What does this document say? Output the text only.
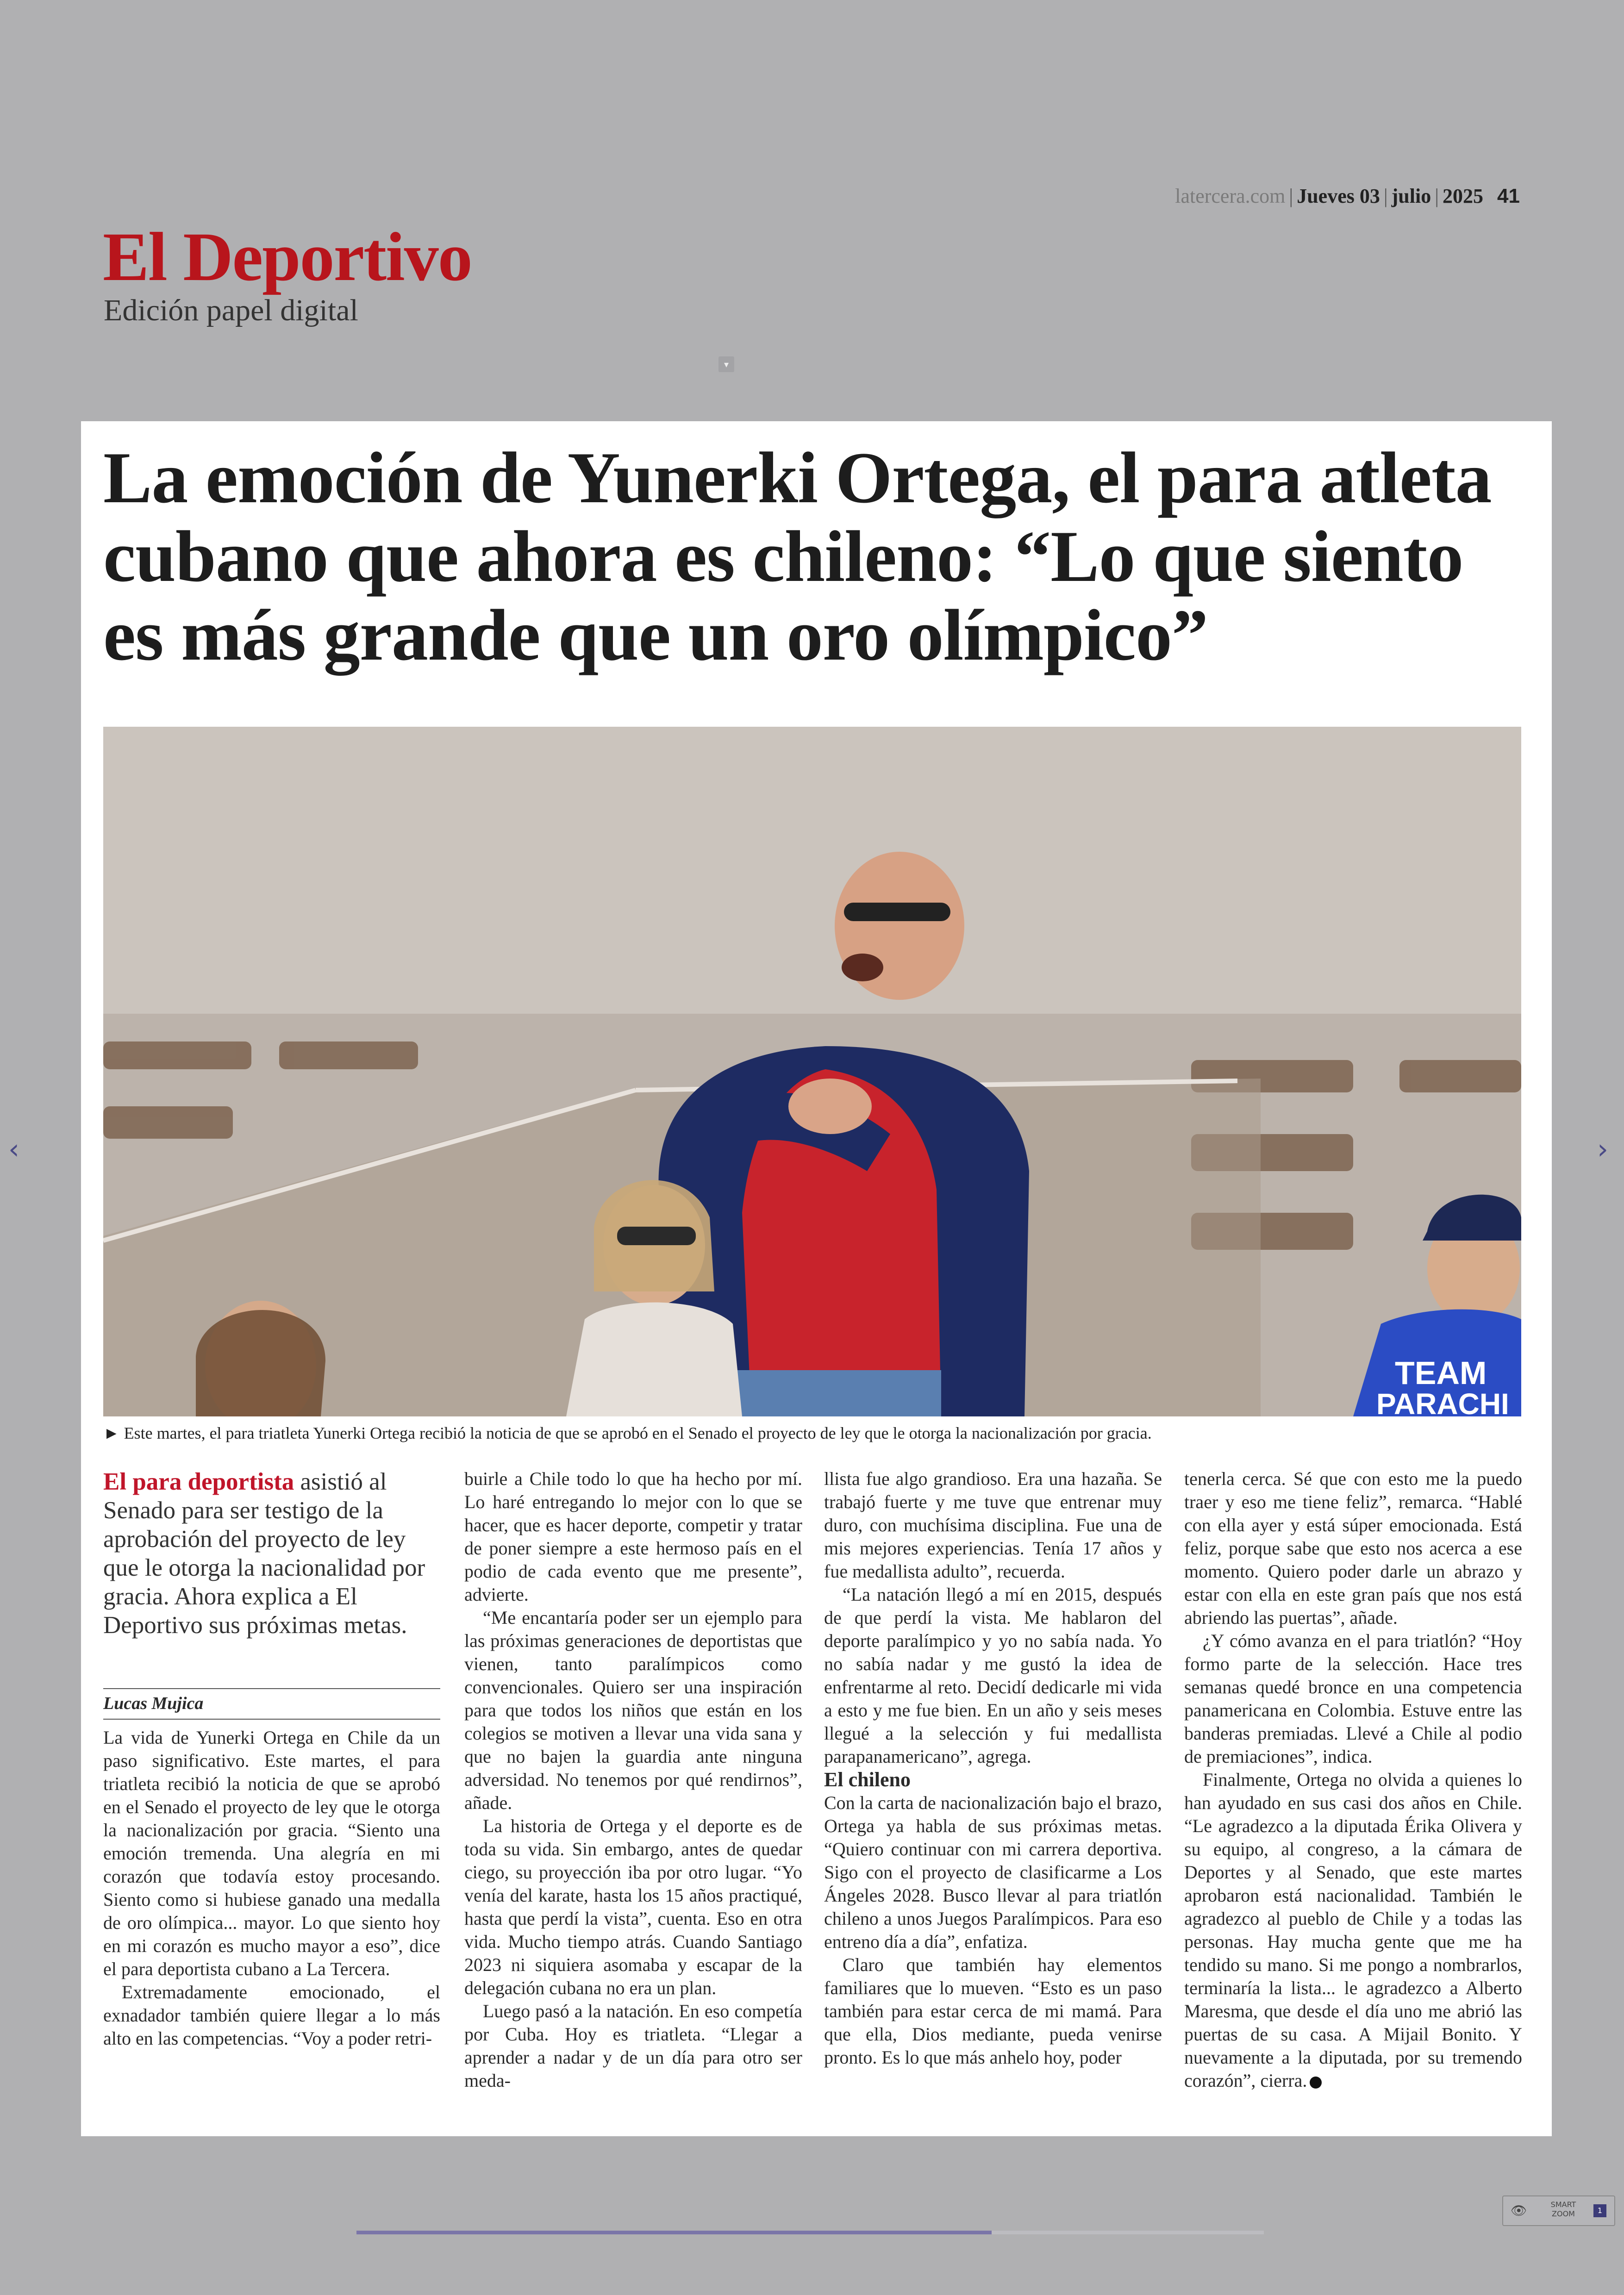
latercera.com | Jueves 03 | julio | 2025 41
El Deportivo
Edición papel digital
▾
‹	›
La emoción de Yunerki Ortega, el para atleta cubano que ahora es chileno: “Lo que siento es más grande que un oro olímpico”
TEAM
PARACHI
► Este martes, el para triatleta Yunerki Ortega recibió la noticia de que se aprobó en el Senado el proyecto de ley que le otorga la nacionalización por gracia.

El para deportista asistió al Senado para ser testigo de la aprobación del proyecto de ley que le otorga la nacionalidad por gracia. Ahora explica a El Deportivo sus próximas metas.

Lucas Mujica

La vida de Yunerki Ortega en Chile da un paso significativo. Este martes, el para triatleta recibió la noticia de que se aprobó en el Senado el proyecto de ley que le otorga la nacionalización por gracia. “Siento una emoción tremenda. Una alegría en mi corazón que todavía estoy procesando. Siento como si hubiese ganado una medalla de oro olímpica... mayor. Lo que siento hoy en mi corazón es mucho mayor a eso”, dice el para deportista cubano a La Tercera.

Extremadamente emocionado, el exnadador también quiere llegar a lo más alto en las competencias. “Voy a poder retri-

buirle a Chile todo lo que ha hecho por mí. Lo haré entregando lo mejor con lo que se hacer, que es hacer deporte, competir y tratar de poner siempre a este hermoso país en el podio de cada evento que me presente”, advierte.

“Me encantaría poder ser un ejemplo para las próximas generaciones de deportistas que vienen, tanto paralímpicos como convencionales. Quiero ser una inspiración para que todos los niños que están en los colegios se motiven a llevar una vida sana y que no bajen la guardia ante ninguna adversidad. No tenemos por qué rendirnos”, añade.

La historia de Ortega y el deporte es de toda su vida. Sin embargo, antes de quedar ciego, su proyección iba por otro lugar. “Yo venía del karate, hasta los 15 años practiqué, hasta que perdí la vista”, cuenta. Eso en otra vida. Mucho tiempo atrás. Cuando Santiago 2023 ni siquiera asomaba y escapar de la delegación cubana no era un plan.

Luego pasó a la natación. En eso competía por Cuba. Hoy es triatleta. “Llegar a aprender a nadar y de un día para otro ser meda-

llista fue algo grandioso. Era una hazaña. Se trabajó fuerte y me tuve que entrenar muy duro, con muchísima disciplina. Fue una de mis mejores experiencias. Tenía 17 años y fue medallista adulto”, recuerda.

“La natación llegó a mí en 2015, después de que perdí la vista. Me hablaron del deporte paralímpico y yo no sabía nada. Yo no sabía nadar y me gustó la idea de enfrentarme al reto. Decidí dedicarle mi vida a esto y me fue bien. En un año y seis meses llegué a la selección y fui medallista parapanamericano”, agrega.

El chileno

Con la carta de nacionalización bajo el brazo, Ortega ya habla de sus próximas metas. “Quiero continuar con mi carrera deportiva. Sigo con el proyecto de clasificarme a Los Ángeles 2028. Busco llevar al para triatlón chileno a unos Juegos Paralímpicos. Para eso entreno día a día”, enfatiza.

Claro que también hay elementos familiares que lo mueven. “Esto es un paso también para estar cerca de mi mamá. Para que ella, Dios mediante, pueda venirse pronto. Es lo que más anhelo hoy, poder

tenerla cerca. Sé que con esto me la puedo traer y eso me tiene feliz”, remarca. “Hablé con ella ayer y está súper emocionada. Está feliz, porque sabe que esto nos acerca a ese momento. Quiero poder darle un abrazo y estar con ella en este gran país que nos está abriendo las puertas”, añade.

¿Y cómo avanza en el para triatlón? “Hoy formo parte de la selección. Hace tres semanas quedé bronce en una competencia panamericana en Colombia. Estuve entre las banderas premiadas. Llevé a Chile al podio de premiaciones”, indica.

Finalmente, Ortega no olvida a quienes lo han ayudado en sus casi dos años en Chile. “Le agradezco a la diputada Érika Olivera y su equipo, al congreso, a la cámara de Deportes y al Senado, que este martes aprobaron está nacionalidad. También le agradezco al pueblo de Chile y a todas las personas. Hay mucha gente que me ha tendido su mano. Si me pongo a nombrarlos, terminaría la lista... le agradezco a Alberto Maresma, que desde el día uno me abrió las puertas de su casa. A Mijail Bonito. Y nuevamente a la diputada, por su tremendo corazón”, cierra.

👁	SMART
ZOOM	1
